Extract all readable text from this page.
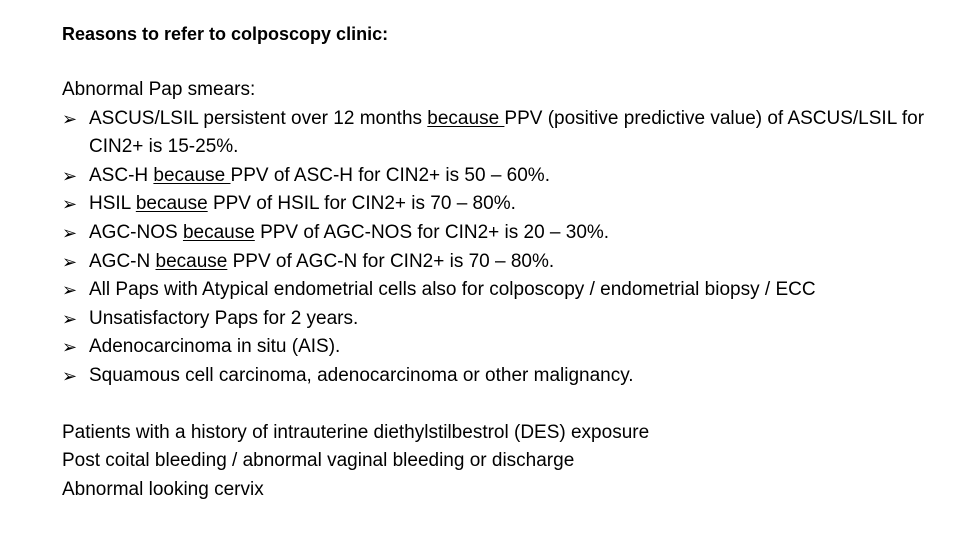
Reasons to refer to colposcopy clinic:
Abnormal Pap smears:
➢ ASCUS/LSIL persistent over 12 months because PPV (positive predictive value) of ASCUS/LSIL for CIN2+ is 15-25%.
➢ ASC-H because PPV of ASC-H for CIN2+ is 50 – 60%.
➢ HSIL because PPV of HSIL for CIN2+ is 70 – 80%.
➢ AGC-NOS because PPV of AGC-NOS for CIN2+ is 20 – 30%.
➢ AGC-N because PPV of AGC-N for CIN2+ is 70 – 80%.
➢ All Paps with Atypical endometrial cells also for colposcopy / endometrial biopsy / ECC
➢ Unsatisfactory Paps for 2 years.
➢ Adenocarcinoma in situ (AIS).
➢ Squamous cell carcinoma, adenocarcinoma or other malignancy.
Patients with a history of intrauterine diethylstilbestrol (DES) exposure
Post coital bleeding / abnormal vaginal bleeding or discharge
Abnormal looking cervix
